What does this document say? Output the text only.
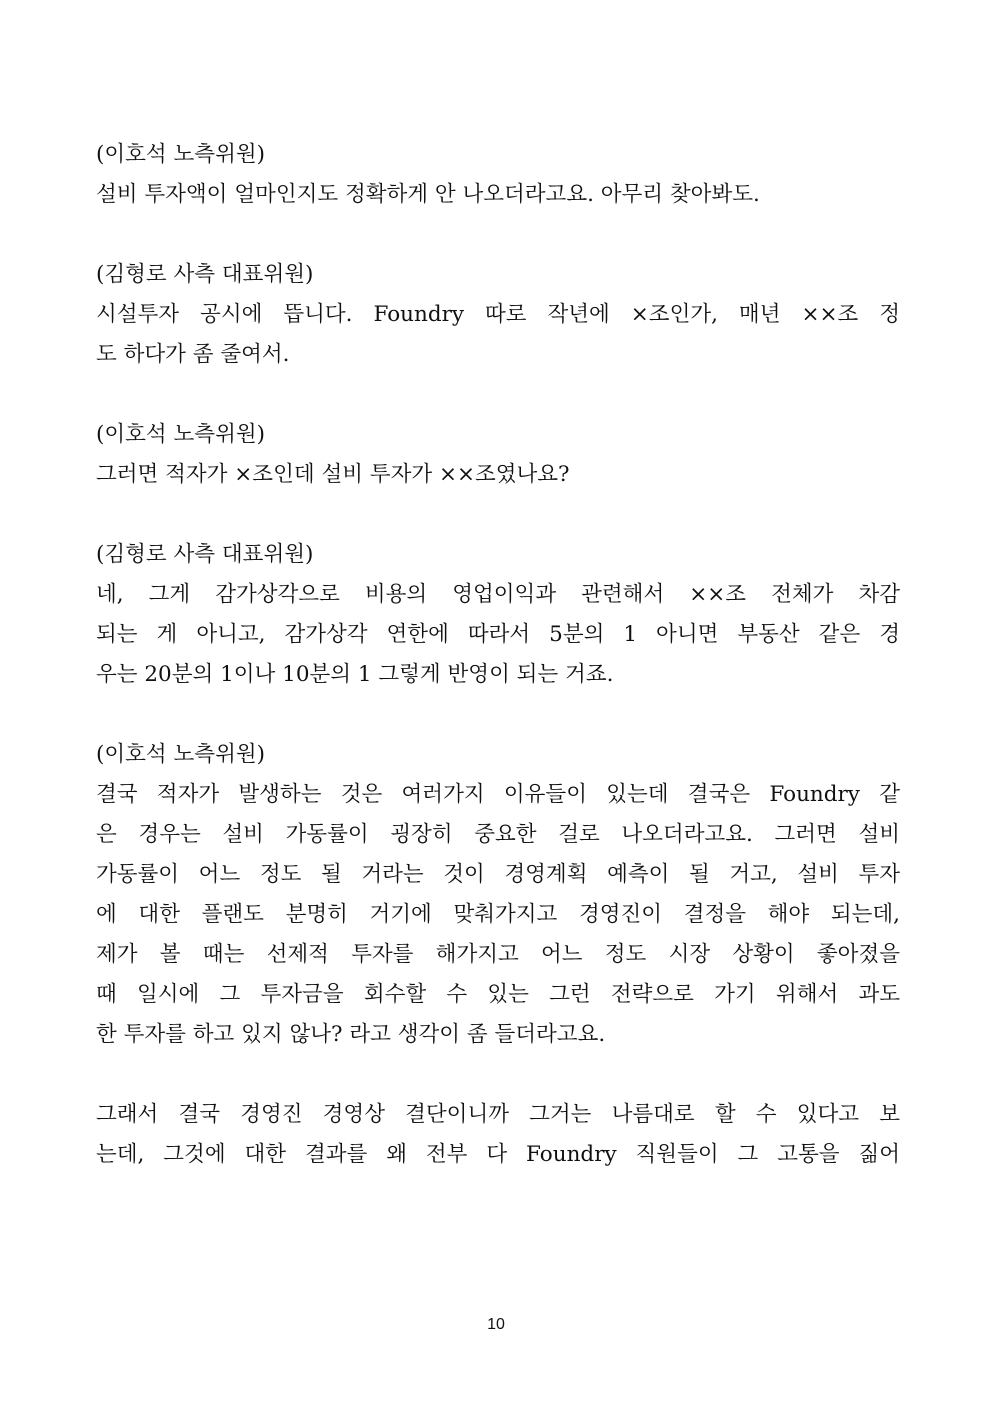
(이호석 노측위원)
설비 투자액이 얼마인지도 정확하게 안 나오더라고요. 아무리 찾아봐도.
(김형로 사측 대표위원)
시설투자 공시에 뜹니다. Foundry 따로 작년에 ×조인가, 매년 ××조 정
도 하다가 좀 줄여서.
(이호석 노측위원)
그러면 적자가 ×조인데 설비 투자가 ××조였나요?
(김형로 사측 대표위원)
네, 그게 감가상각으로 비용의 영업이익과 관련해서 ××조 전체가 차감
되는 게 아니고, 감가상각 연한에 따라서 5분의 1 아니면 부동산 같은 경
우는 20분의 1이나 10분의 1 그렇게 반영이 되는 거죠.
(이호석 노측위원)
결국 적자가 발생하는 것은 여러가지 이유들이 있는데 결국은 Foundry 같
은 경우는 설비 가동률이 굉장히 중요한 걸로 나오더라고요. 그러면 설비
가동률이 어느 정도 될 거라는 것이 경영계획 예측이 될 거고, 설비 투자
에 대한 플랜도 분명히 거기에 맞춰가지고 경영진이 결정을 해야 되는데,
제가 볼 때는 선제적 투자를 해가지고 어느 정도 시장 상황이 좋아졌을
때 일시에 그 투자금을 회수할 수 있는 그런 전략으로 가기 위해서 과도
한 투자를 하고 있지 않나? 라고 생각이 좀 들더라고요.
그래서 결국 경영진 경영상 결단이니까 그거는 나름대로 할 수 있다고 보
는데, 그것에 대한 결과를 왜 전부 다 Foundry 직원들이 그 고통을 짊어
10
